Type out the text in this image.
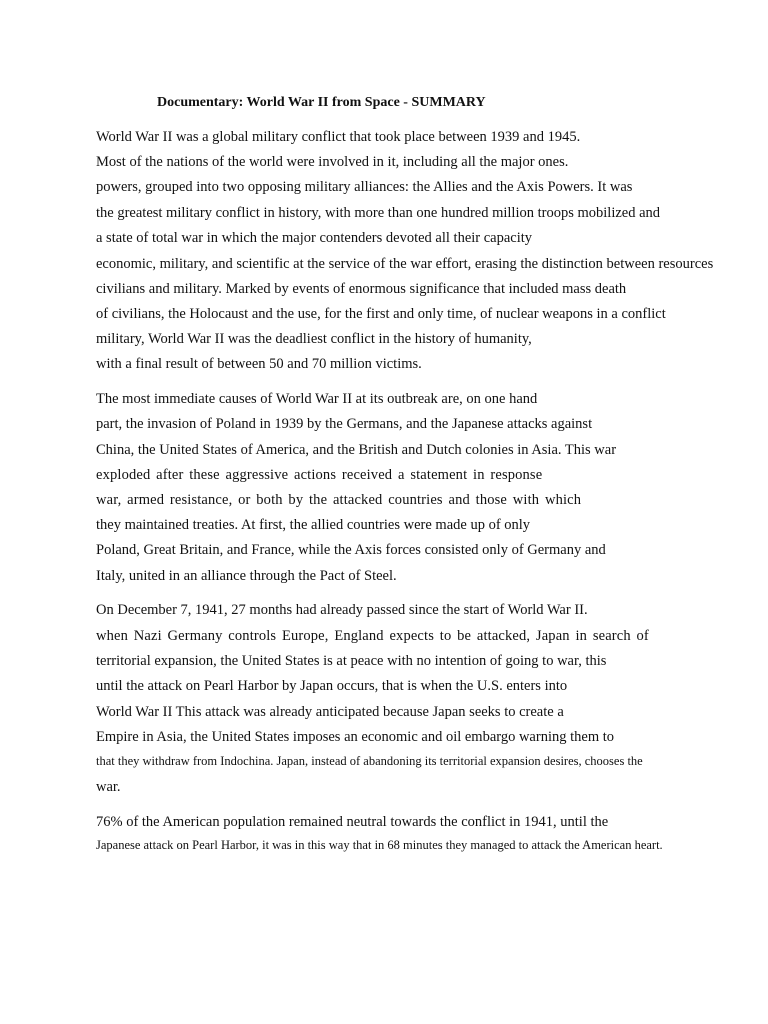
Documentary: World War II from Space - SUMMARY
World War II was a global military conflict that took place between 1939 and 1945.
Most of the nations of the world were involved in it, including all the major ones.
powers, grouped into two opposing military alliances: the Allies and the Axis Powers. It was
the greatest military conflict in history, with more than one hundred million troops mobilized and
a state of total war in which the major contenders devoted all their capacity
economic, military, and scientific at the service of the war effort, erasing the distinction between resources
civilians and military. Marked by events of enormous significance that included mass death
of civilians, the Holocaust and the use, for the first and only time, of nuclear weapons in a conflict
military, World War II was the deadliest conflict in the history of humanity,
with a final result of between 50 and 70 million victims.
The most immediate causes of World War II at its outbreak are, on one hand
part, the invasion of Poland in 1939 by the Germans, and the Japanese attacks against
China, the United States of America, and the British and Dutch colonies in Asia. This war
exploded after these aggressive actions received a statement in response
war, armed resistance, or both by the attacked countries and those with which
they maintained treaties. At first, the allied countries were made up of only
Poland, Great Britain, and France, while the Axis forces consisted only of Germany and
Italy, united in an alliance through the Pact of Steel.
On December 7, 1941, 27 months had already passed since the start of World War II.
when Nazi Germany controls Europe, England expects to be attacked, Japan in search of
territorial expansion, the United States is at peace with no intention of going to war, this
until the attack on Pearl Harbor by Japan occurs, that is when the U.S. enters into
World War II This attack was already anticipated because Japan seeks to create a
Empire in Asia, the United States imposes an economic and oil embargo warning them to
that they withdraw from Indochina. Japan, instead of abandoning its territorial expansion desires, chooses the
war.
76% of the American population remained neutral towards the conflict in 1941, until the
Japanese attack on Pearl Harbor, it was in this way that in 68 minutes they managed to attack the American heart.
